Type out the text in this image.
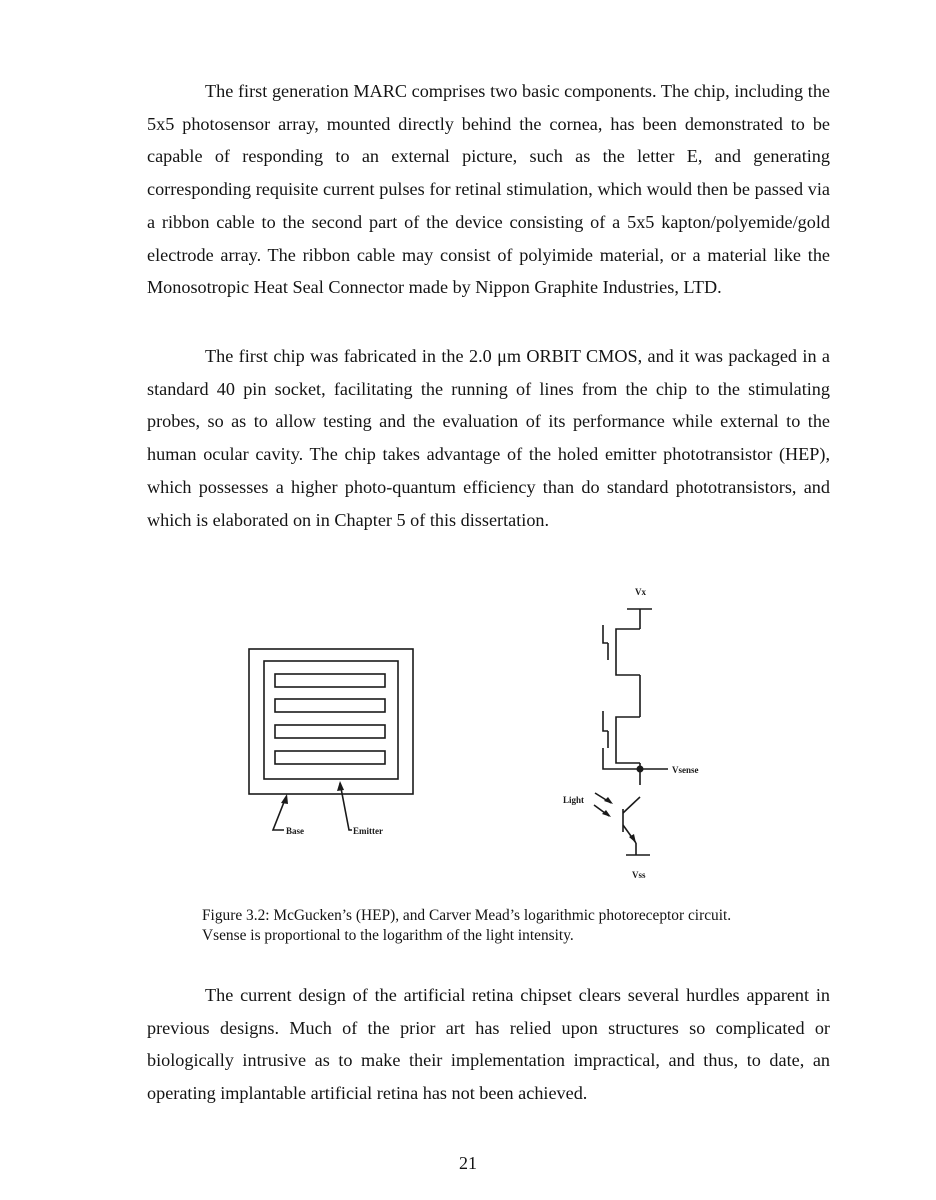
The first generation MARC comprises two basic components. The chip, including the 5x5 photosensor array, mounted directly behind the cornea, has been demonstrated to be capable of responding to an external picture, such as the letter E, and generating corresponding requisite current pulses for retinal stimulation, which would then be passed via a ribbon cable to the second part of the device consisting of a 5x5 kapton/polyemide/gold electrode array. The ribbon cable may consist of polyimide material, or a material like the Monosotropic Heat Seal Connector made by Nippon Graphite Industries, LTD.

The first chip was fabricated in the 2.0 μm ORBIT CMOS, and it was packaged in a standard 40 pin socket, facilitating the running of lines from the chip to the stimulating probes, so as to allow testing and the evaluation of its performance while external to the human ocular cavity. The chip takes advantage of the holed emitter phototransistor (HEP), which possesses a higher photo-quantum efficiency than do standard phototransistors, and which is elaborated on in Chapter 5 of this dissertation.

Base	Emitter
Vx
Vsense
Light
Vss
Figure 3.2: McGucken’s (HEP), and Carver Mead’s logarithmic photoreceptor circuit.
Vsense is proportional to the logarithm of the light intensity.

The current design of the artificial retina chipset clears several hurdles apparent in previous designs. Much of the prior art has relied upon structures so complicated or biologically intrusive as to make their implementation impractical, and thus, to date, an operating implantable artificial retina has not been achieved.

21
